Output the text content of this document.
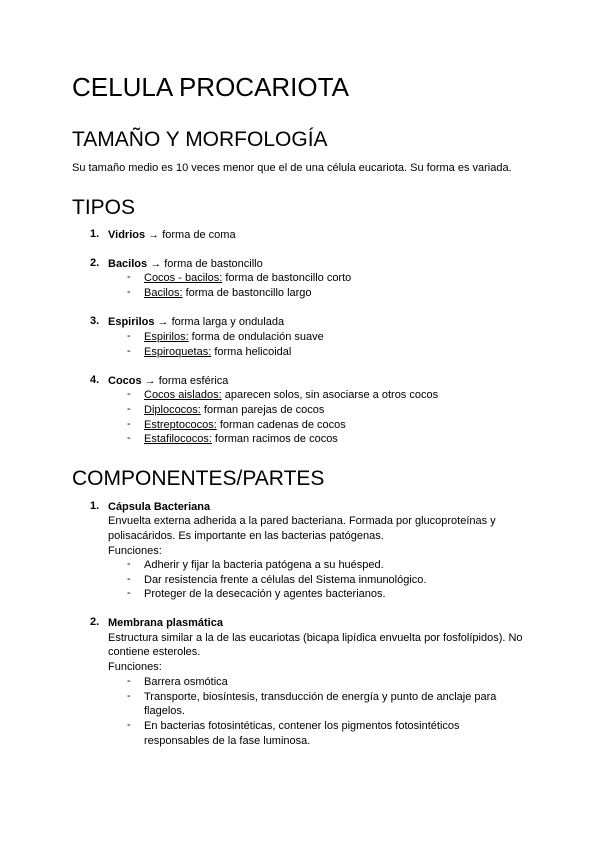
CELULA PROCARIOTA
TAMAÑO Y MORFOLOGÍA
Su tamaño medio es 10 veces menor que el de una célula eucariota. Su forma es variada.
TIPOS
1. Vidrios → forma de coma
2. Bacilos → forma de bastoncillo
- Cocos - bacilos: forma de bastoncillo corto
- Bacilos: forma de bastoncillo largo
3. Espirilos → forma larga y ondulada
- Espirilos: forma de ondulación suave
- Espiroquetas: forma helicoidal
4. Cocos → forma esférica
- Cocos aislados: aparecen solos, sin asociarse a otros cocos
- Diplococos: forman parejas de cocos
- Estreptococos: forman cadenas de cocos
- Estafilococos: forman racimos de cocos
COMPONENTES/PARTES
1. Cápsula Bacteriana
Envuelta externa adherida a la pared bacteriana. Formada por glucoproteínas y
polisacáridos. Es importante en las bacterias patógenas.
Funciones:
- Adherir y fijar la bacteria patógena a su huésped.
- Dar resistencia frente a células del Sistema inmunológico.
- Proteger de la desecación y agentes bacterianos.
2. Membrana plasmática
Estructura similar a la de las eucariotas (bicapa lipídica envuelta por fosfolípidos). No
contiene esteroles.
Funciones:
- Barrera osmótica
- Transporte, biosíntesis, transducción de energía y punto de anclaje para
flagelos.
- En bacterias fotosintéticas, contener los pigmentos fotosintéticos
responsables de la fase luminosa.
